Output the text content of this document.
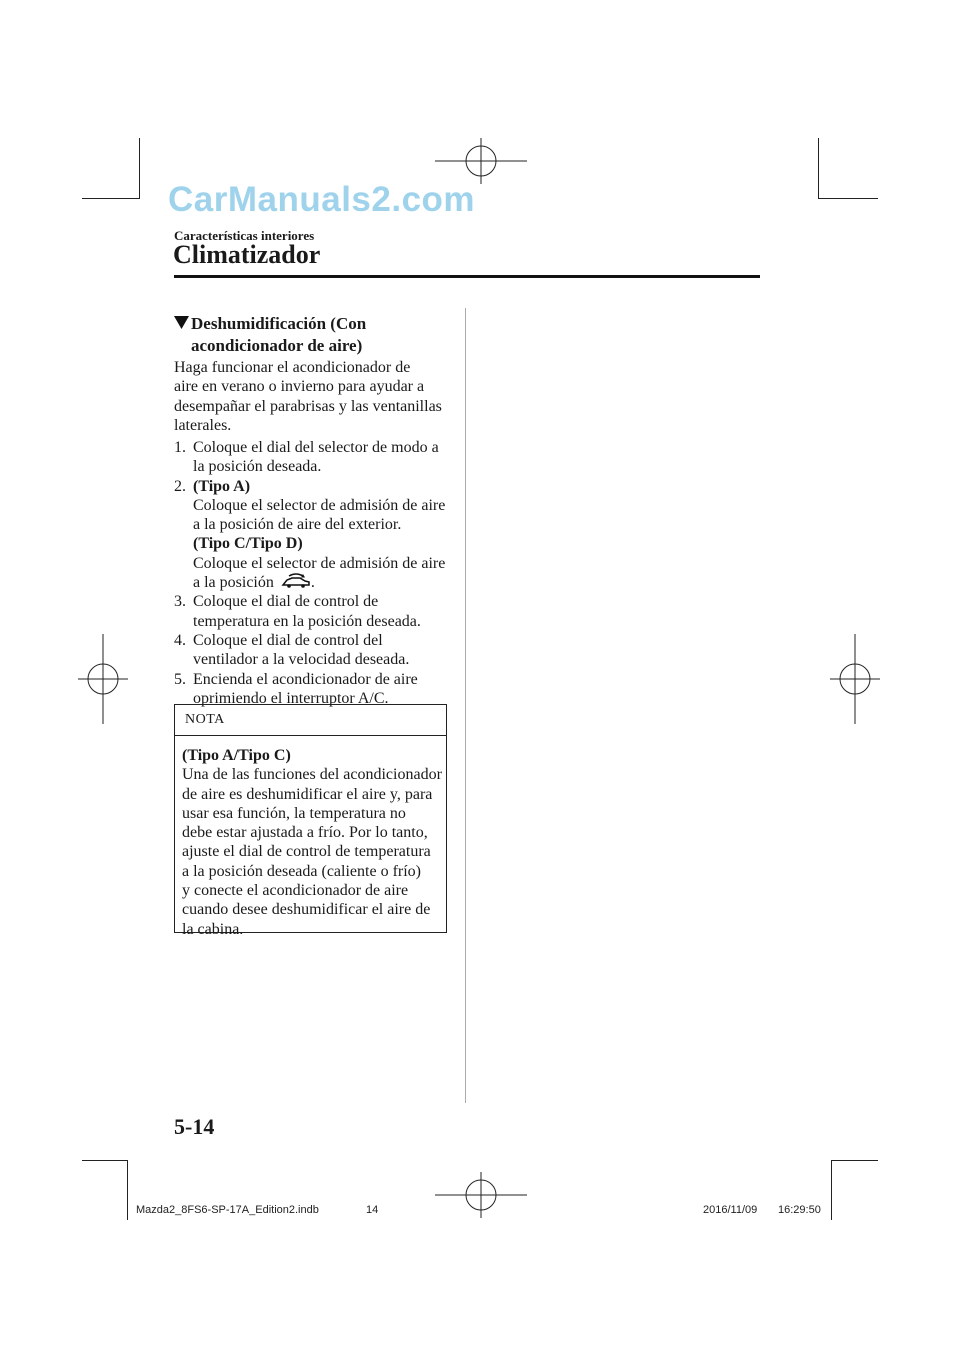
CarManuals2.com
Características interiores
Climatizador
Deshumidificación (Con
acondicionador de aire)
Haga funcionar el acondicionador de
aire en verano o invierno para ayudar a
desempañar el parabrisas y las ventanillas
laterales.
1. Coloque el dial del selector de modo a
la posición deseada.
2. (Tipo A)
Coloque el selector de admisión de aire
a la posición de aire del exterior.
(Tipo C/Tipo D)
Coloque el selector de admisión de aire
a la posición .
3. Coloque el dial de control de
temperatura en la posición deseada.
4. Coloque el dial de control del
ventilador a la velocidad deseada.
5. Encienda el acondicionador de aire
oprimiendo el interruptor A/C.
NOTA
(Tipo A/Tipo C)
Una de las funciones del acondicionador
de aire es deshumidificar el aire y, para
usar esa función, la temperatura no
debe estar ajustada a frío. Por lo tanto,
ajuste el dial de control de temperatura
a la posición deseada (caliente o frío)
y conecte el acondicionador de aire
cuando desee deshumidificar el aire de
la cabina.
5-14
Mazda2_8FS6-SP-17A_Edition2.indb	14	2016/11/09 16:29:50
